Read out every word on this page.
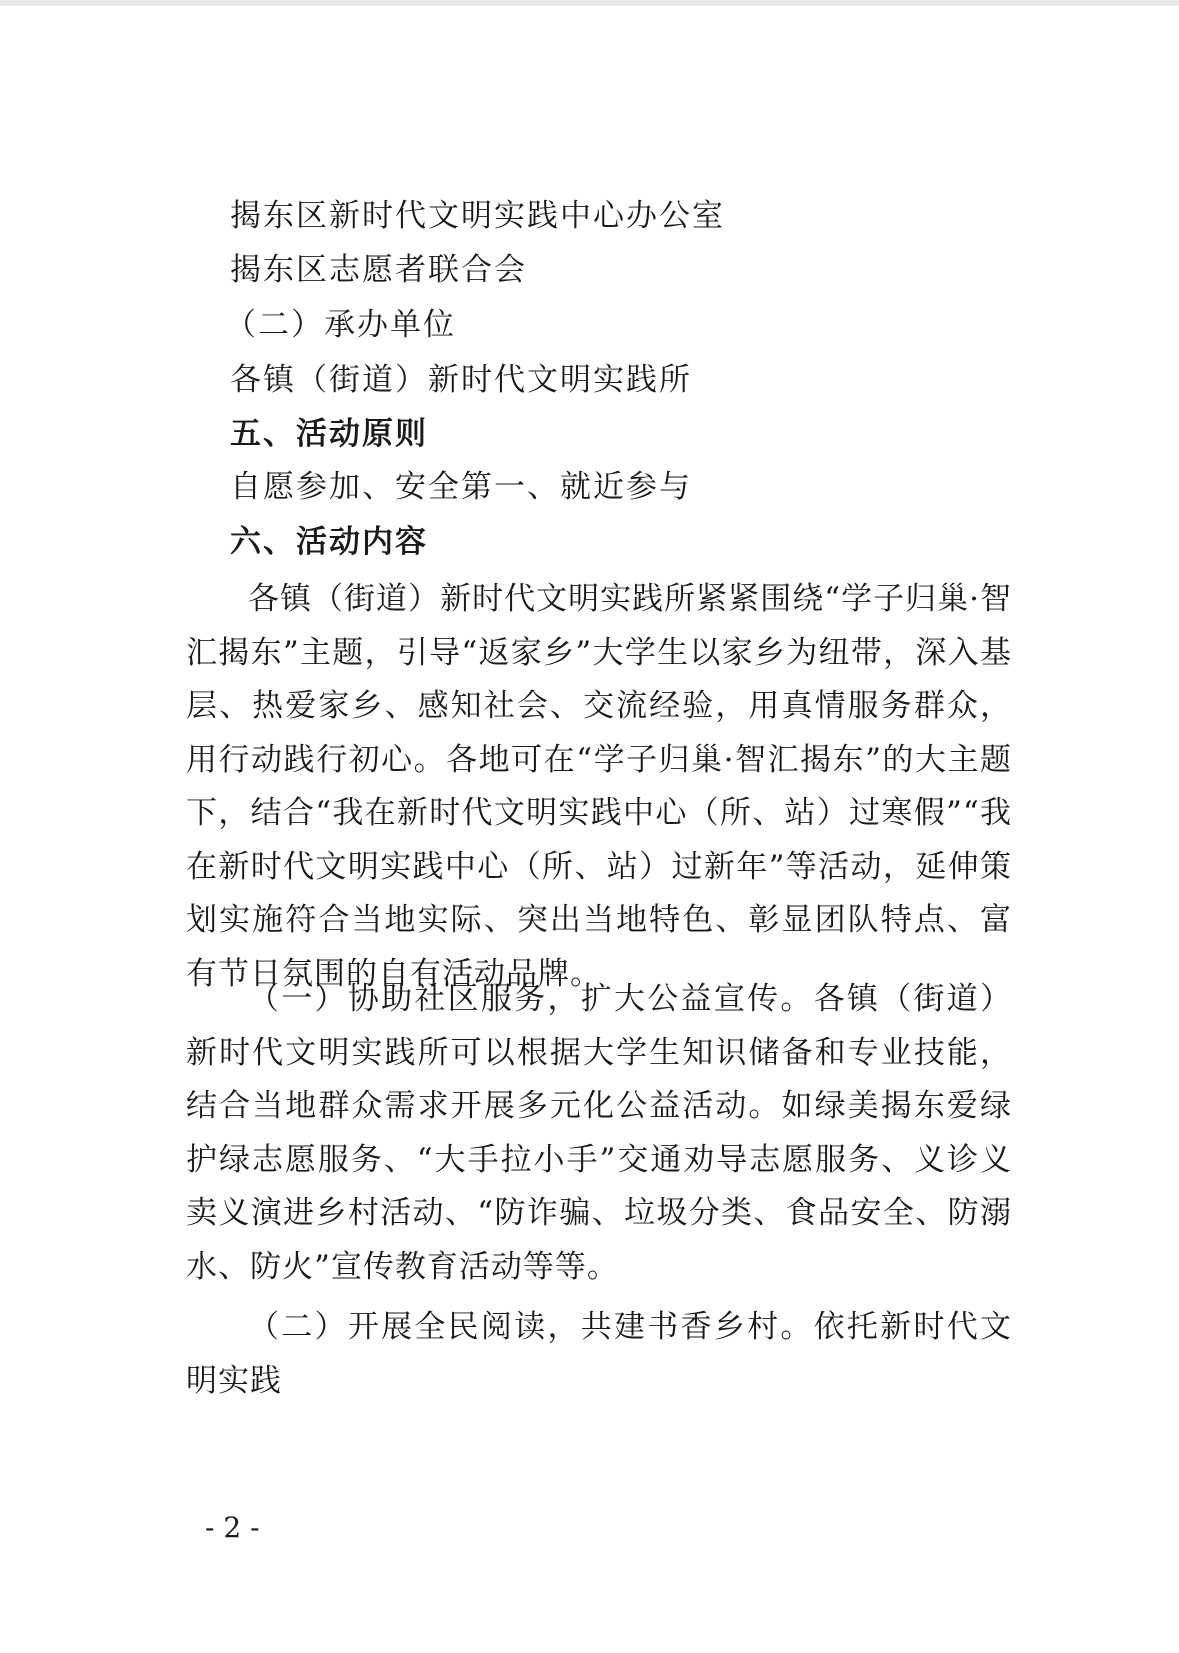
揭东区新时代文明实践中心办公室
揭东区志愿者联合会
（二）承办单位
各镇（街道）新时代文明实践所
五、活动原则
自愿参加、安全第一、就近参与
六、活动内容

各镇（街道）新时代文明实践所紧紧围绕“学子归巢·智汇揭东”主题，引导“返家乡”大学生以家乡为纽带，深入基层、热爱家乡、感知社会、交流经验，用真情服务群众，用行动践行初心。各地可在“学子归巢·智汇揭东”的大主题下，结合“我在新时代文明实践中心（所、站）过寒假”“我在新时代文明实践中心（所、站）过新年”等活动，延伸策划实施符合当地实际、突出当地特色、彰显团队特点、富有节日氛围的自有活动品牌。

（一）协助社区服务，扩大公益宣传。各镇（街道）新时代文明实践所可以根据大学生知识储备和专业技能，结合当地群众需求开展多元化公益活动。如绿美揭东爱绿护绿志愿服务、“大手拉小手”交通劝导志愿服务、义诊义卖义演进乡村活动、“防诈骗、垃圾分类、食品安全、防溺水、防火”宣传教育活动等等。

（二）开展全民阅读，共建书香乡村。依托新时代文明实践

- 2 -
